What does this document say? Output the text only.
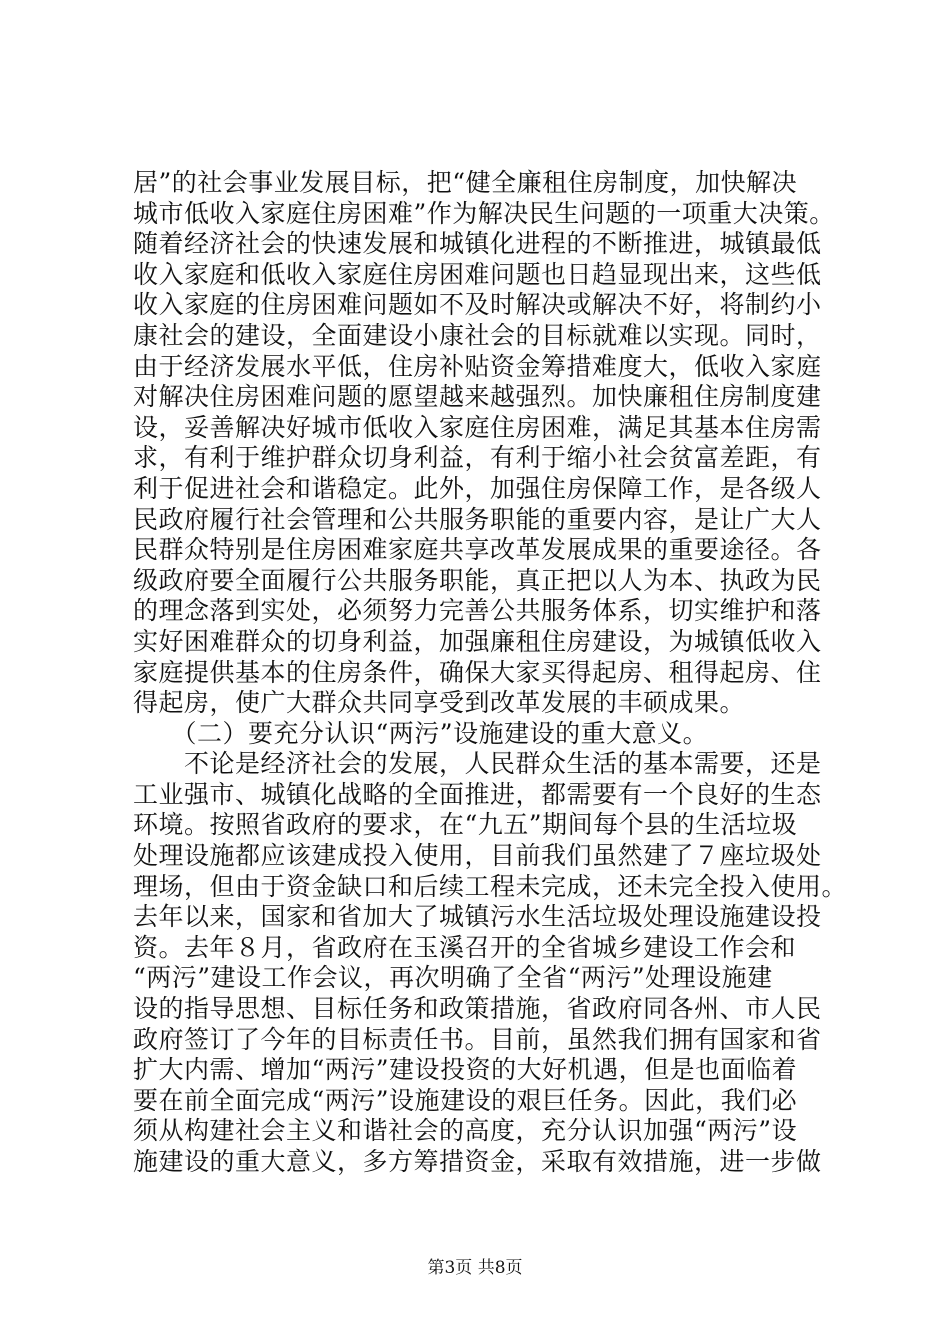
居”的社会事业发展目标，把“健全廉租住房制度，加快解决
城市低收入家庭住房困难”作为解决民生问题的一项重大决策。
随着经济社会的快速发展和城镇化进程的不断推进，城镇最低
收入家庭和低收入家庭住房困难问题也日趋显现出来，这些低
收入家庭的住房困难问题如不及时解决或解决不好，将制约小
康社会的建设，全面建设小康社会的目标就难以实现。同时，
由于经济发展水平低，住房补贴资金筹措难度大，低收入家庭
对解决住房困难问题的愿望越来越强烈。加快廉租住房制度建
设，妥善解决好城市低收入家庭住房困难，满足其基本住房需
求，有利于维护群众切身利益，有利于缩小社会贫富差距，有
利于促进社会和谐稳定。此外，加强住房保障工作，是各级人
民政府履行社会管理和公共服务职能的重要内容，是让广大人
民群众特别是住房困难家庭共享改革发展成果的重要途径。各
级政府要全面履行公共服务职能，真正把以人为本、执政为民
的理念落到实处，必须努力完善公共服务体系，切实维护和落
实好困难群众的切身利益，加强廉租住房建设，为城镇低收入
家庭提供基本的住房条件，确保大家买得起房、租得起房、住
得起房，使广大群众共同享受到改革发展的丰硕成果。
　　（二）要充分认识“两污”设施建设的重大意义。
　　不论是经济社会的发展，人民群众生活的基本需要，还是
工业强市、城镇化战略的全面推进，都需要有一个良好的生态
环境。按照省政府的要求，在“九五”期间每个县的生活垃圾
处理设施都应该建成投入使用，目前我们虽然建了７座垃圾处
理场，但由于资金缺口和后续工程未完成，还未完全投入使用。
去年以来，国家和省加大了城镇污水生活垃圾处理设施建设投
资。去年８月，省政府在玉溪召开的全省城乡建设工作会和
“两污”建设工作会议，再次明确了全省“两污”处理设施建
设的指导思想、目标任务和政策措施，省政府同各州、市人民
政府签订了今年的目标责任书。目前，虽然我们拥有国家和省
扩大内需、增加“两污”建设投资的大好机遇，但是也面临着
要在前全面完成“两污”设施建设的艰巨任务。因此，我们必
须从构建社会主义和谐社会的高度，充分认识加强“两污”设
施建设的重大意义，多方筹措资金，采取有效措施，进一步做
第3页 共8页
